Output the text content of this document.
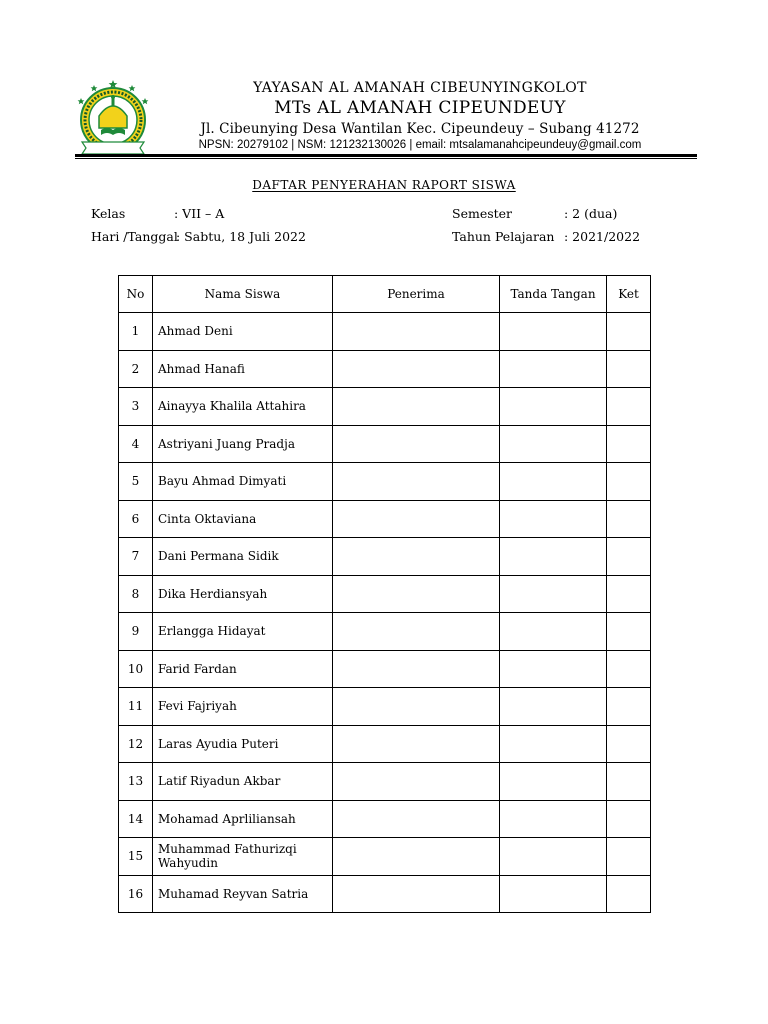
YAYASAN AL AMANAH CIBEUNYINGKOLOT
MTs AL AMANAH CIPEUNDEUY
Jl. Cibeunying Desa Wantilan Kec. Cipeundeuy – Subang 41272
NPSN: 20279102 | NSM: 121232130026 | email: mtsalamanahcipeundeuy@gmail.com
DAFTAR PENYERAHAN RAPORT SISWA
Kelas	: VII – A
Hari /Tanggal
: Sabtu, 18 Juli 2022
Semester	: 2 (dua)
Tahun Pelajaran : 2021/2022
No	Nama Siswa	Penerima	Tanda Tangan	Ket
1	Ahmad Deni			
2	Ahmad Hanafi			
3	Ainayya Khalila Attahira			
4	Astriyani Juang Pradja			
5	Bayu Ahmad Dimyati			
6	Cinta Oktaviana			
7	Dani Permana Sidik			
8	Dika Herdiansyah			
9	Erlangga Hidayat			
10	Farid Fardan			
11	Fevi Fajriyah			
12	Laras Ayudia Puteri			
13	Latif Riyadun Akbar			
14	Mohamad Aprliliansah			
15	Muhammad Fathurizqi Wahyudin			
16	Muhamad Reyvan Satria			
